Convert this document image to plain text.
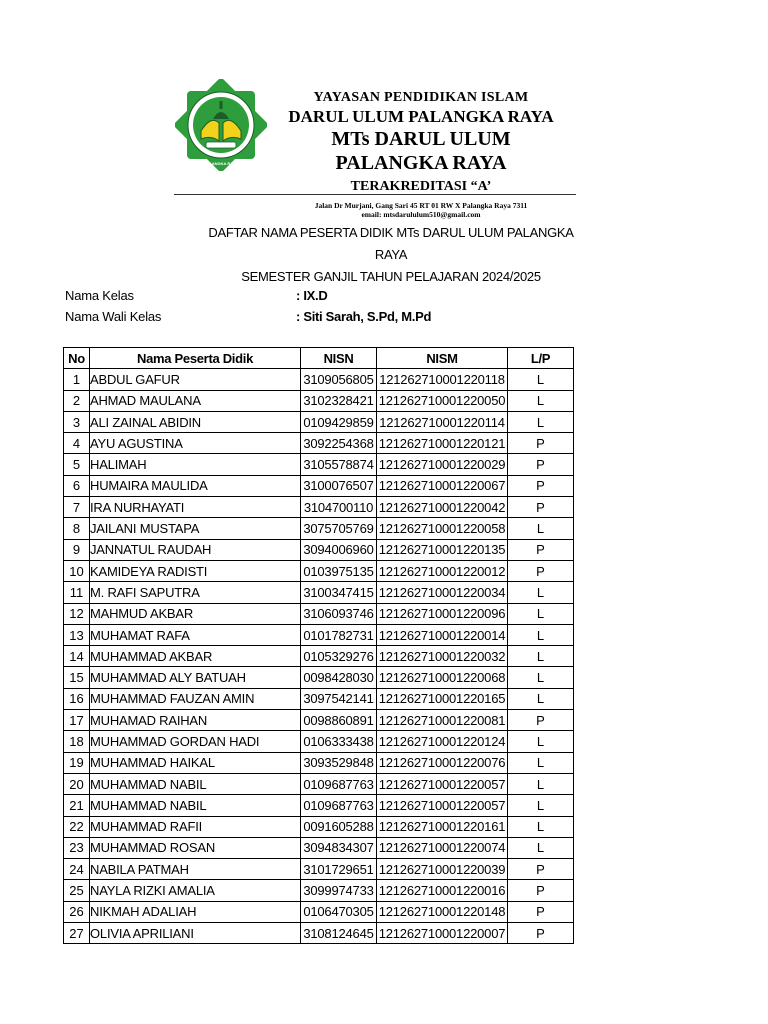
PALANGKA RAYA
YAYASAN PENDIDIKAN ISLAM
DARUL ULUM PALANGKA RAYA
MTs DARUL ULUM PALANGKA RAYA
TERAKREDITASI “A’
Jalan Dr Murjani, Gang Sari 45 RT 01 RW X Palangka Raya 7311
email: mtsdarululum510@gmail.com
DAFTAR NAMA PESERTA DIDIK MTs DARUL ULUM PALANGKA RAYA
SEMESTER GANJIL TAHUN PELAJARAN 2024/2025
Nama Kelas	: IX.D
Nama Wali Kelas	: Siti Sarah, S.Pd, M.Pd
No	Nama Peserta Didik	NISN	NISM	L/P
1	ABDUL GAFUR	3109056805	121262710001220118	L
2	AHMAD MAULANA	3102328421	121262710001220050	L
3	ALI ZAINAL ABIDIN	0109429859	121262710001220114	L
4	AYU AGUSTINA	3092254368	121262710001220121	P
5	HALIMAH	3105578874	121262710001220029	P
6	HUMAIRA MAULIDA	3100076507	121262710001220067	P
7	IRA NURHAYATI	3104700110	121262710001220042	P
8	JAILANI MUSTAPA	3075705769	121262710001220058	L
9	JANNATUL RAUDAH	3094006960	121262710001220135	P
10	KAMIDEYA RADISTI	0103975135	121262710001220012	P
11	M. RAFI SAPUTRA	3100347415	121262710001220034	L
12	MAHMUD AKBAR	3106093746	121262710001220096	L
13	MUHAMAT RAFA	0101782731	121262710001220014	L
14	MUHAMMAD AKBAR	0105329276	121262710001220032	L
15	MUHAMMAD ALY BATUAH	0098428030	121262710001220068	L
16	MUHAMMAD FAUZAN AMIN	3097542141	121262710001220165	L
17	MUHAMAD RAIHAN	0098860891	121262710001220081	P
18	MUHAMMAD GORDAN HADI	0106333438	121262710001220124	L
19	MUHAMMAD HAIKAL	3093529848	121262710001220076	L
20	MUHAMMAD NABIL	0109687763	121262710001220057	L
21	MUHAMMAD NABIL	0109687763	121262710001220057	L
22	MUHAMMAD RAFII	0091605288	121262710001220161	L
23	MUHAMMAD ROSAN	3094834307	121262710001220074	L
24	NABILA PATMAH	3101729651	121262710001220039	P
25	NAYLA RIZKI AMALIA	3099974733	121262710001220016	P
26	NIKMAH ADALIAH	0106470305	121262710001220148	P
27	OLIVIA APRILIANI	3108124645	121262710001220007	P
